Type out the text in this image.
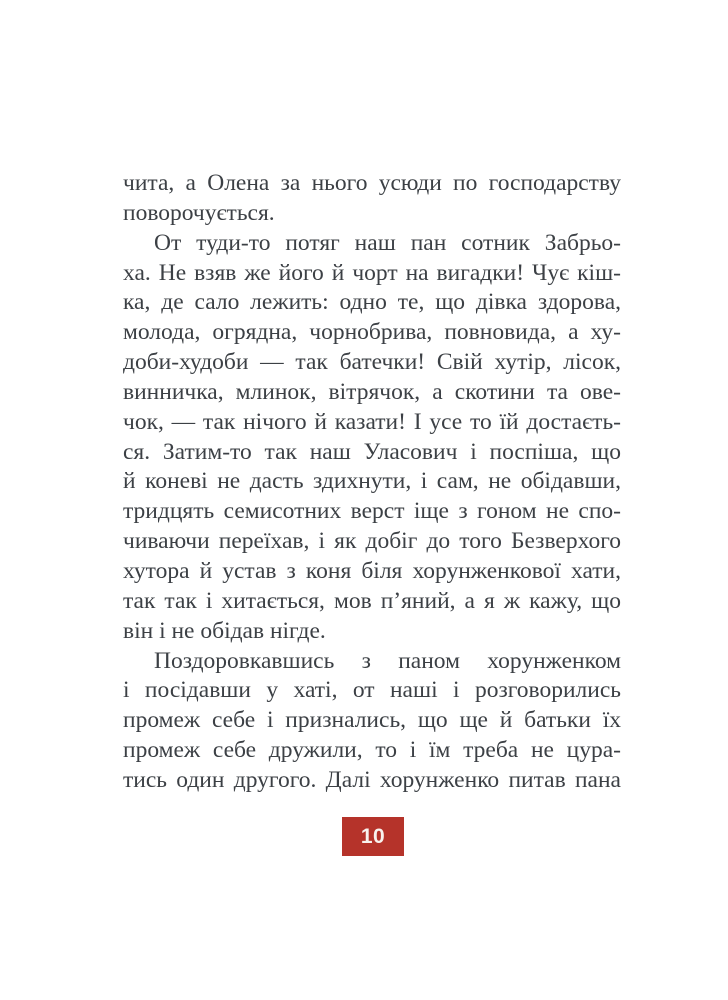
чита, а Олена за нього усюди по господарству
поворочується.
От туди-то потяг наш пан сотник Забрьо-
ха. Не взяв же його й чорт на вигадки! Чує кіш-
ка, де сало лежить: одно те, що дівка здорова,
молода, огрядна, чорнобрива, повновида, а ху-
доби-худоби — так батечки! Свій хутір, лісок,
винничка, млинок, вітрячок, а скотини та ове-
чок, — так нічого й казати! І усе то їй достаєть-
ся. Затим-то так наш Уласович і поспіша, що
й коневі не дасть здихнути, і сам, не обідавши,
тридцять семисотних верст іще з гоном не спо-
чиваючи переїхав, і як добіг до того Безверхого
хутора й устав з коня біля хорунженкової хати,
так так і хитається, мов п’яний, а я ж кажу, що
він і не обідав нігде.
Поздоровкавшись з паном хорунженком
і посідавши у хаті, от наші і розговорились
промеж себе і признались, що ще й батьки їх
промеж себе дружили, то і їм треба не цура-
тись один другого. Далі хорунженко питав пана
10
